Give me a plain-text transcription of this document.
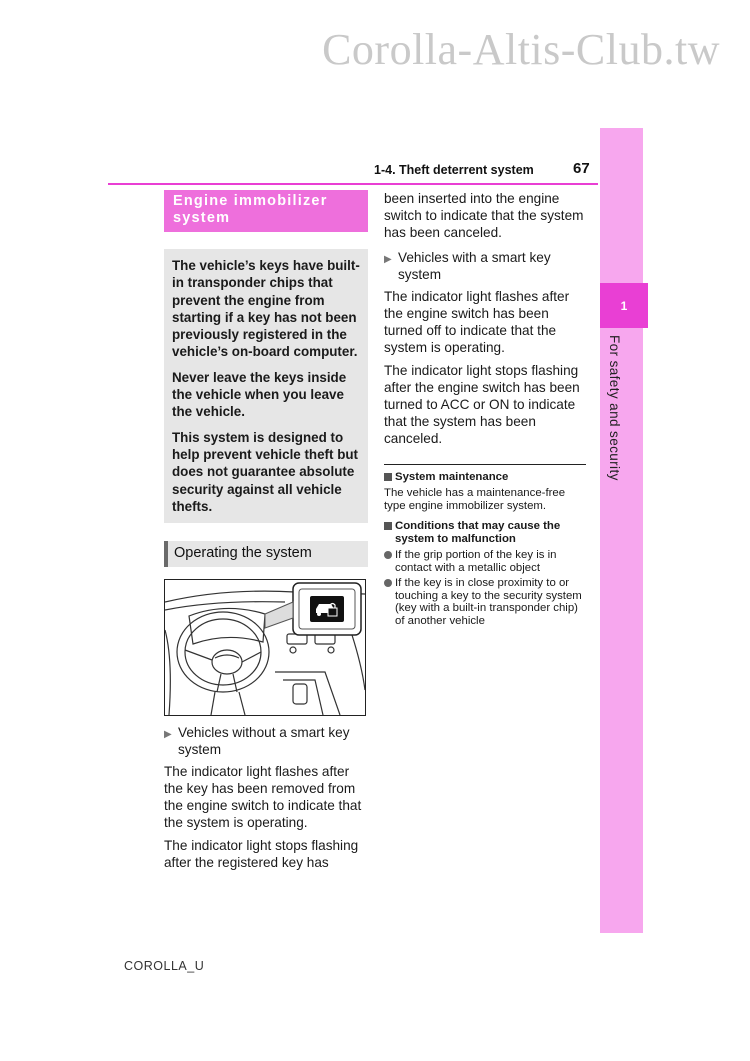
Corolla-Altis-Club.tw
1
For safety and security
1-4. Theft deterrent system	67
Engine immobilizer
system

The vehicle’s keys have built-in transponder chips that prevent the engine from starting if a key has not been previously registered in the vehicle’s on-board computer.

Never leave the keys inside the vehicle when you leave the vehicle.

This system is designed to help prevent vehicle theft but does not guarantee absolute security against all vehicle thefts.

Operating the system
▶ Vehicles without a smart key system

The indicator light flashes after the key has been removed from the engine switch to indicate that the system is operating.

The indicator light stops flashing after the registered key has

been inserted into the engine switch to indicate that the system has been canceled.

▶ Vehicles with a smart key system

The indicator light flashes after the engine switch has been turned off to indicate that the system is operating.

The indicator light stops flashing after the engine switch has been turned to ACC or ON to indicate that the system has been canceled.

System maintenance
The vehicle has a maintenance-free type engine immobilizer system.
Conditions that may cause the system to malfunction
If the grip portion of the key is in contact with a metallic object
If the key is in close proximity to or touching a key to the security system (key with a built-in transponder chip) of another vehicle
COROLLA_U
